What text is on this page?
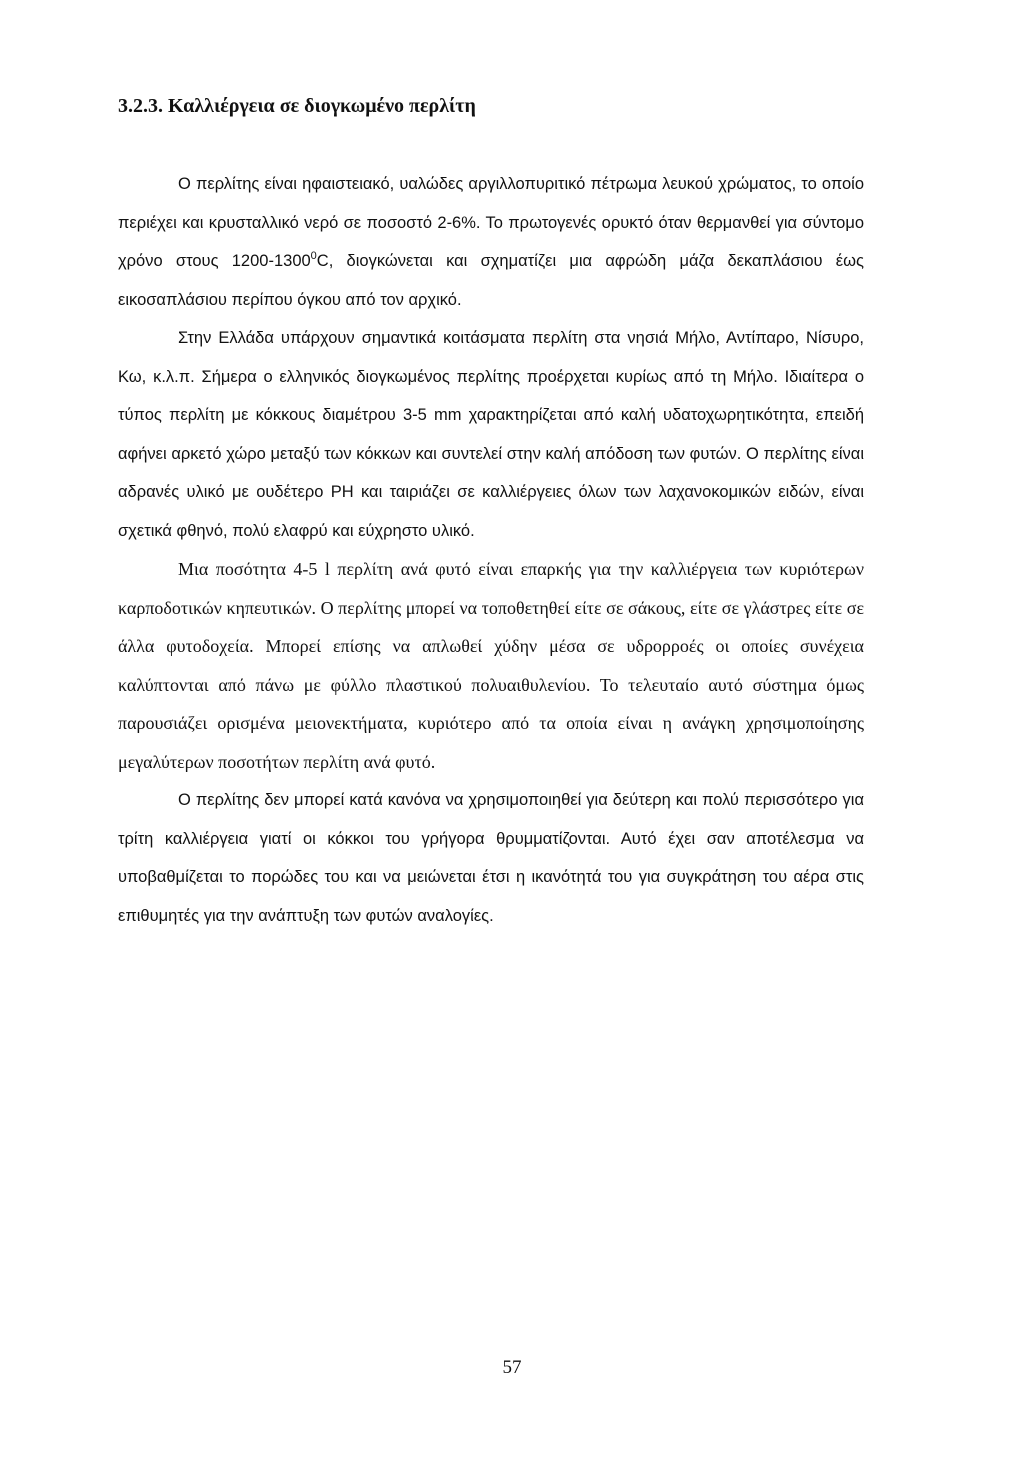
3.2.3. Καλλιέργεια σε διογκωμένο περλίτη

Ο περλίτης είναι ηφαιστειακό, υαλώδες αργιλλοπυριτικό πέτρωμα λευκού χρώματος, το οποίο περιέχει και κρυσταλλικό νερό σε ποσοστό 2-6%. Το πρωτογενές ορυκτό όταν θερμανθεί για σύντομο χρόνο στους 1200-1300$^0$C, διογκώνεται και σχηματίζει μια αφρώδη μάζα δεκαπλάσιου έως εικοσαπλάσιου περίπου όγκου από τον αρχικό.

Στην Ελλάδα υπάρχουν σημαντικά κοιτάσματα περλίτη στα νησιά Μήλο, Αντίπαρο, Νίσυρο, Κω, κ.λ.π. Σήμερα ο ελληνικός διογκωμένος περλίτης προέρχεται κυρίως από τη Μήλο. Ιδιαίτερα ο τύπος περλίτη με κόκκους διαμέτρου 3-5 mm χαρακτηρίζεται από καλή υδατοχωρητικότητα, επειδή αφήνει αρκετό χώρο μεταξύ των κόκκων και συντελεί στην καλή απόδοση των φυτών. Ο περλίτης είναι αδρανές υλικό με ουδέτερο PH και ταιριάζει σε καλλιέργειες όλων των λαχανοκομικών ειδών, είναι σχετικά φθηνό, πολύ ελαφρύ και εύχρηστο υλικό.

Μια ποσότητα 4-5 l περλίτη ανά φυτό είναι επαρκής για την καλλιέργεια των κυριότερων καρποδοτικών κηπευτικών. Ο περλίτης μπορεί να τοποθετηθεί είτε σε σάκους, είτε σε γλάστρες είτε σε άλλα φυτοδοχεία. Μπορεί επίσης να απλωθεί χύδην μέσα σε υδρορροές οι οποίες συνέχεια καλύπτονται από πάνω με φύλλο πλαστικού πολυαιθυλενίου. Το τελευταίο αυτό σύστημα όμως παρουσιάζει ορισμένα μειονεκτήματα, κυριότερο από τα οποία είναι η ανάγκη χρησιμοποίησης μεγαλύτερων ποσοτήτων περλίτη ανά φυτό.

Ο περλίτης δεν μπορεί κατά κανόνα να χρησιμοποιηθεί για δεύτερη και πολύ περισσότερο για τρίτη καλλιέργεια γιατί οι κόκκοι του γρήγορα θρυμματίζονται. Αυτό έχει σαν αποτέλεσμα να υποβαθμίζεται το πορώδες του και να μειώνεται έτσι η ικανότητά του για συγκράτηση του αέρα στις επιθυμητές για την ανάπτυξη των φυτών αναλογίες.

57
